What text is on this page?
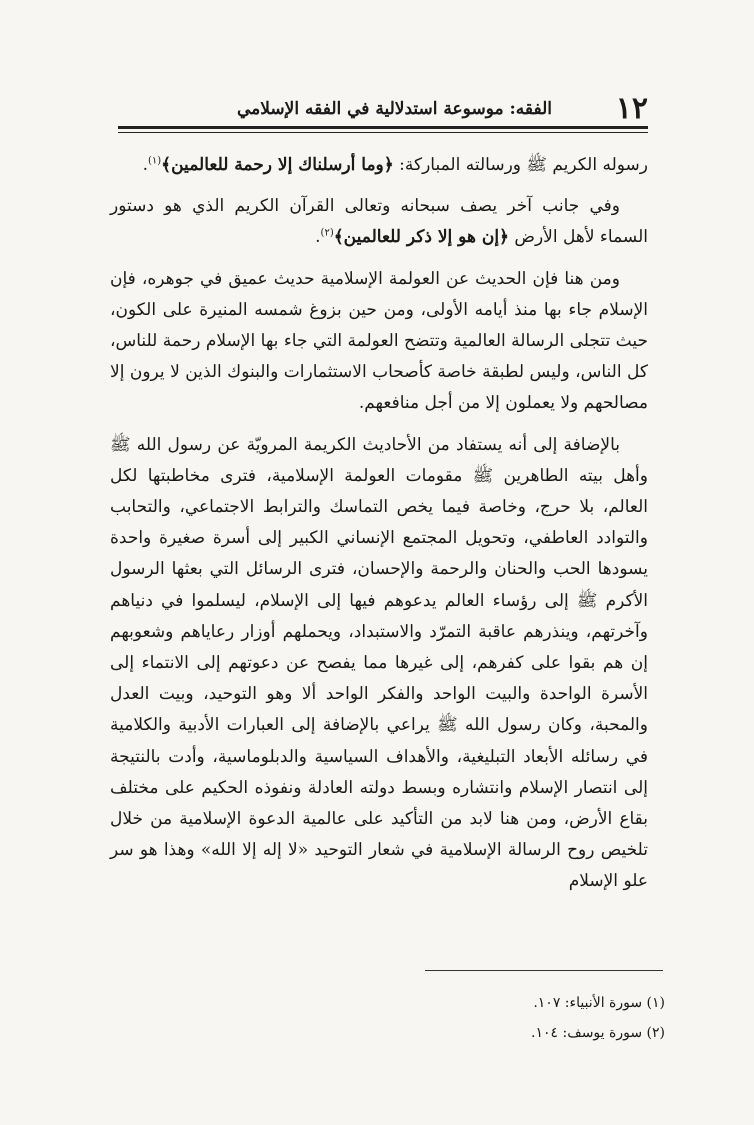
١٢
الفقه: موسوعة استدلالية في الفقه الإسلامي

رسوله الكريم ﷺ ورسالته المباركة: ﴿وما أرسلناك إلا رحمة للعالمين﴾$^{(١)}$.

وفي جانب آخر يصف سبحانه وتعالى القرآن الكريم الذي هو دستور السماء لأهل الأرض ﴿إن هو إلا ذكر للعالمين﴾$^{(٢)}$.

ومن هنا فإن الحديث عن العولمة الإسلامية حديث عميق في جوهره، فإن الإسلام جاء بها منذ أيامه الأولى، ومن حين بزوغ شمسه المنيرة على الكون، حيث تتجلى الرسالة العالمية وتتضح العولمة التي جاء بها الإسلام رحمة للناس، كل الناس، وليس لطبقة خاصة كأصحاب الاستثمارات والبنوك الذين لا يرون إلا مصالحهم ولا يعملون إلا من أجل منافعهم.

بالإضافة إلى أنه يستفاد من الأحاديث الكريمة المرويّة عن رسول الله ﷺ وأهل بيته الطاهرين ﷺ مقومات العولمة الإسلامية، فترى مخاطبتها لكل العالم، بلا حرج، وخاصة فيما يخص التماسك والترابط الاجتماعي، والتحابب والتوادد العاطفي، وتحويل المجتمع الإنساني الكبير إلى أسرة صغيرة واحدة يسودها الحب والحنان والرحمة والإحسان، فترى الرسائل التي بعثها الرسول الأكرم ﷺ إلى رؤساء العالم يدعوهم فيها إلى الإسلام، ليسلموا في دنياهم وآخرتهم، وينذرهم عاقبة التمرّد والاستبداد، ويحملهم أوزار رعاياهم وشعوبهم إن هم بقوا على كفرهم، إلى غيرها مما يفصح عن دعوتهم إلى الانتماء إلى الأسرة الواحدة والبيت الواحد والفكر الواحد ألا وهو التوحيد، وبيت العدل والمحبة، وكان رسول الله ﷺ يراعي بالإضافة إلى العبارات الأدبية والكلامية في رسائله الأبعاد التبليغية، والأهداف السياسية والدبلوماسية، وأدت بالنتيجة إلى انتصار الإسلام وانتشاره وبسط دولته العادلة ونفوذه الحكيم على مختلف بقاع الأرض، ومن هنا لابد من التأكيد على عالمية الدعوة الإسلامية من خلال تلخيص روح الرسالة الإسلامية في شعار التوحيد «لا إله إلا الله» وهذا هو سر علو الإسلام

(١) سورة الأنبياء: ١٠٧.
(٢) سورة يوسف: ١٠٤.
